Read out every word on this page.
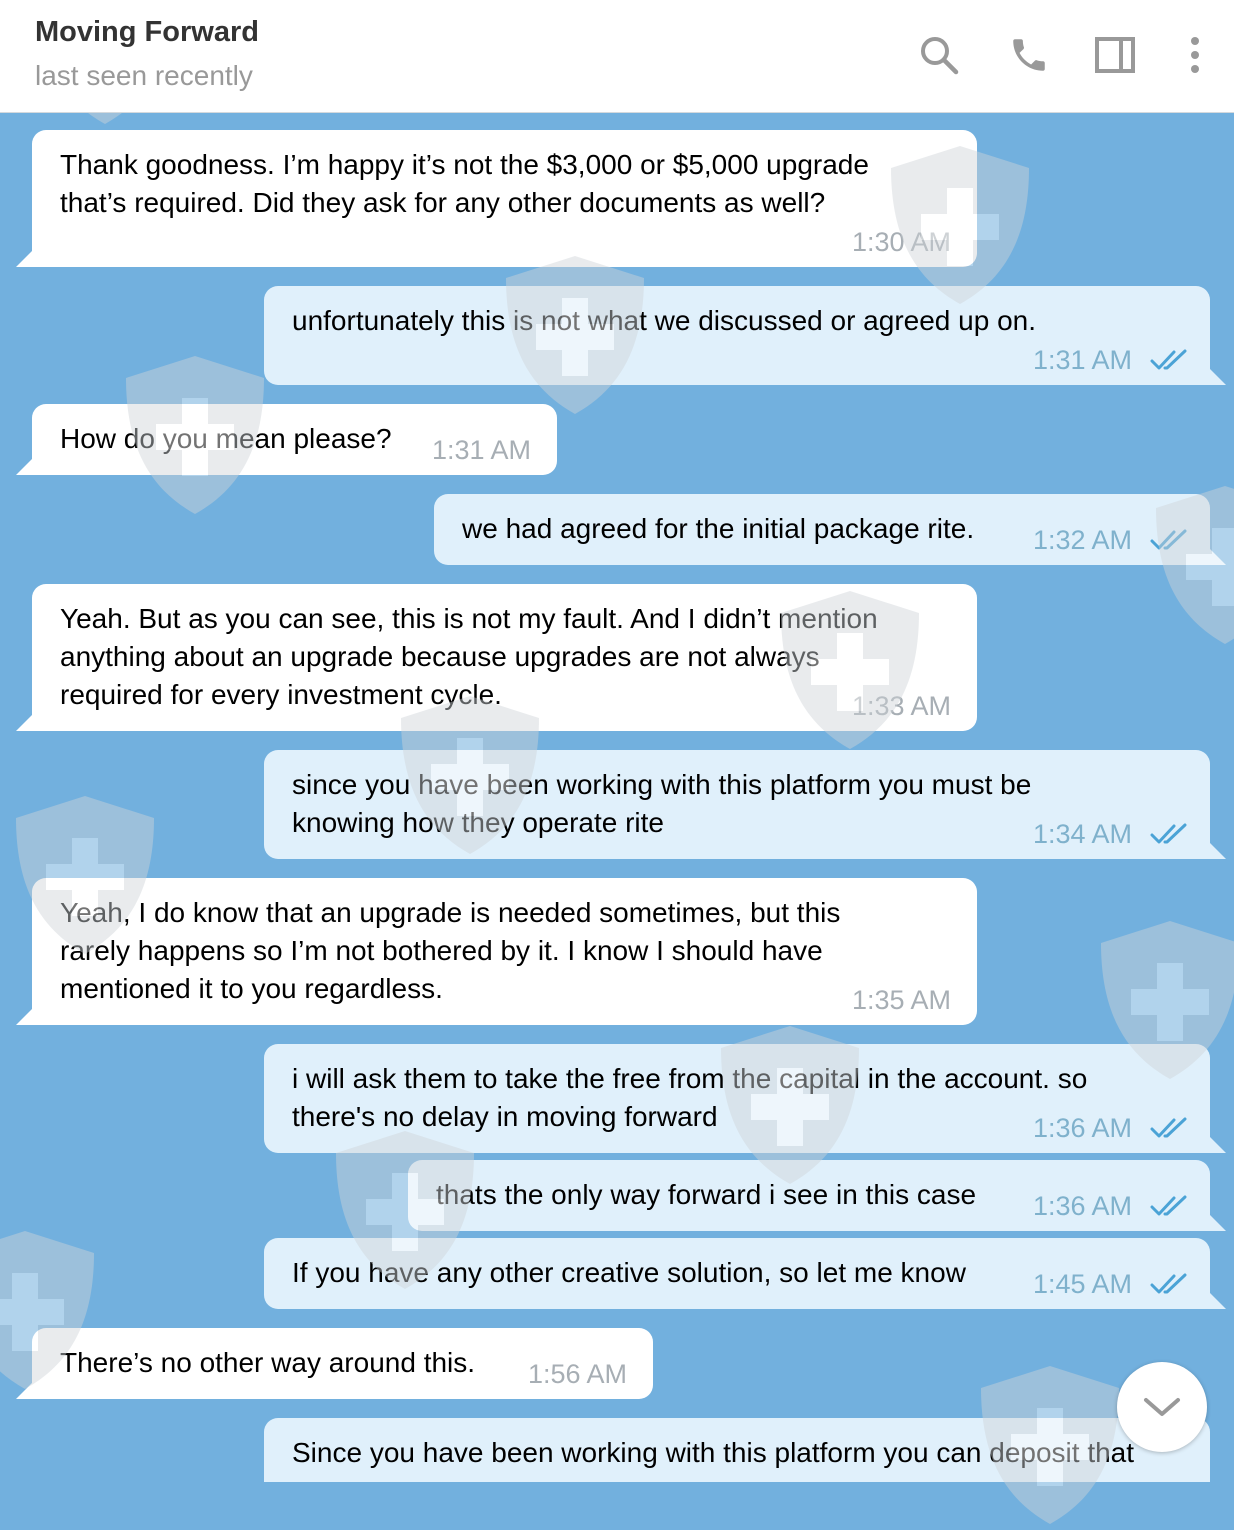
Moving Forward
last seen recently
Thank goodness. I’m happy it’s not the $3,000 or $5,000 upgrade
that’s required. Did they ask for any other documents as well?
1:30 AM
unfortunately this is not what we discussed or agreed up on.
1:31 AM
How do you mean please?	1:31 AM
we had agreed for the initial package rite.	1:32 AM
Yeah. But as you can see, this is not my fault. And I didn’t mention
anything about an upgrade because upgrades are not always
required for every investment cycle.	1:33 AM
since you have been working with this platform you must be
knowing how they operate rite	1:34 AM
Yeah, I do know that an upgrade is needed sometimes, but this
rarely happens so I’m not bothered by it. I know I should have
mentioned it to you regardless.	1:35 AM
i will ask them to take the free from the capital in the account. so
there's no delay in moving forward	1:36 AM
thats the only way forward i see in this case	1:36 AM
If you have any other creative solution, so let me know	1:45 AM
There’s no other way around this.	1:56 AM
Since you have been working with this platform you can deposit that
